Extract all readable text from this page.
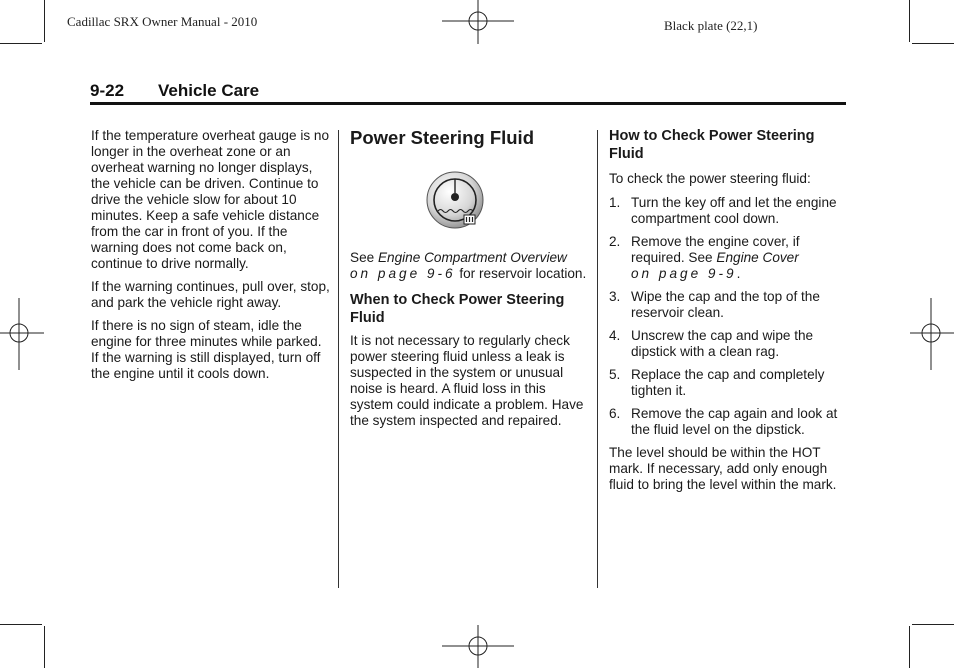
Cadillac SRX Owner Manual - 2010	Black plate (22,1)
9-22 Vehicle Care

If the temperature overheat gauge is no longer in the overheat zone or an overheat warning no longer displays, the vehicle can be driven. Continue to drive the vehicle slow for about 10 minutes. Keep a safe vehicle distance from the car in front of you. If the warning does not come back on, continue to drive normally.

If the warning continues, pull over, stop, and park the vehicle right away.

If there is no sign of steam, idle the engine for three minutes while parked. If the warning is still displayed, turn off the engine until it cools down.

Power Steering Fluid

See Engine Compartment Overview on page 9-6 for reservoir location.

When to Check Power Steering Fluid

It is not necessary to regularly check power steering fluid unless a leak is suspected in the system or unusual noise is heard. A fluid loss in this system could indicate a problem. Have the system inspected and repaired.

How to Check Power Steering Fluid

To check the power steering fluid:

1. Turn the key off and let the engine compartment cool down.
2. Remove the engine cover, if required. See Engine Cover
on page 9-9.
3. Wipe the cap and the top of the reservoir clean.
4. Unscrew the cap and wipe the dipstick with a clean rag.
5. Replace the cap and completely tighten it.
6. Remove the cap again and look at the fluid level on the dipstick.

The level should be within the HOT mark. If necessary, add only enough fluid to bring the level within the mark.
